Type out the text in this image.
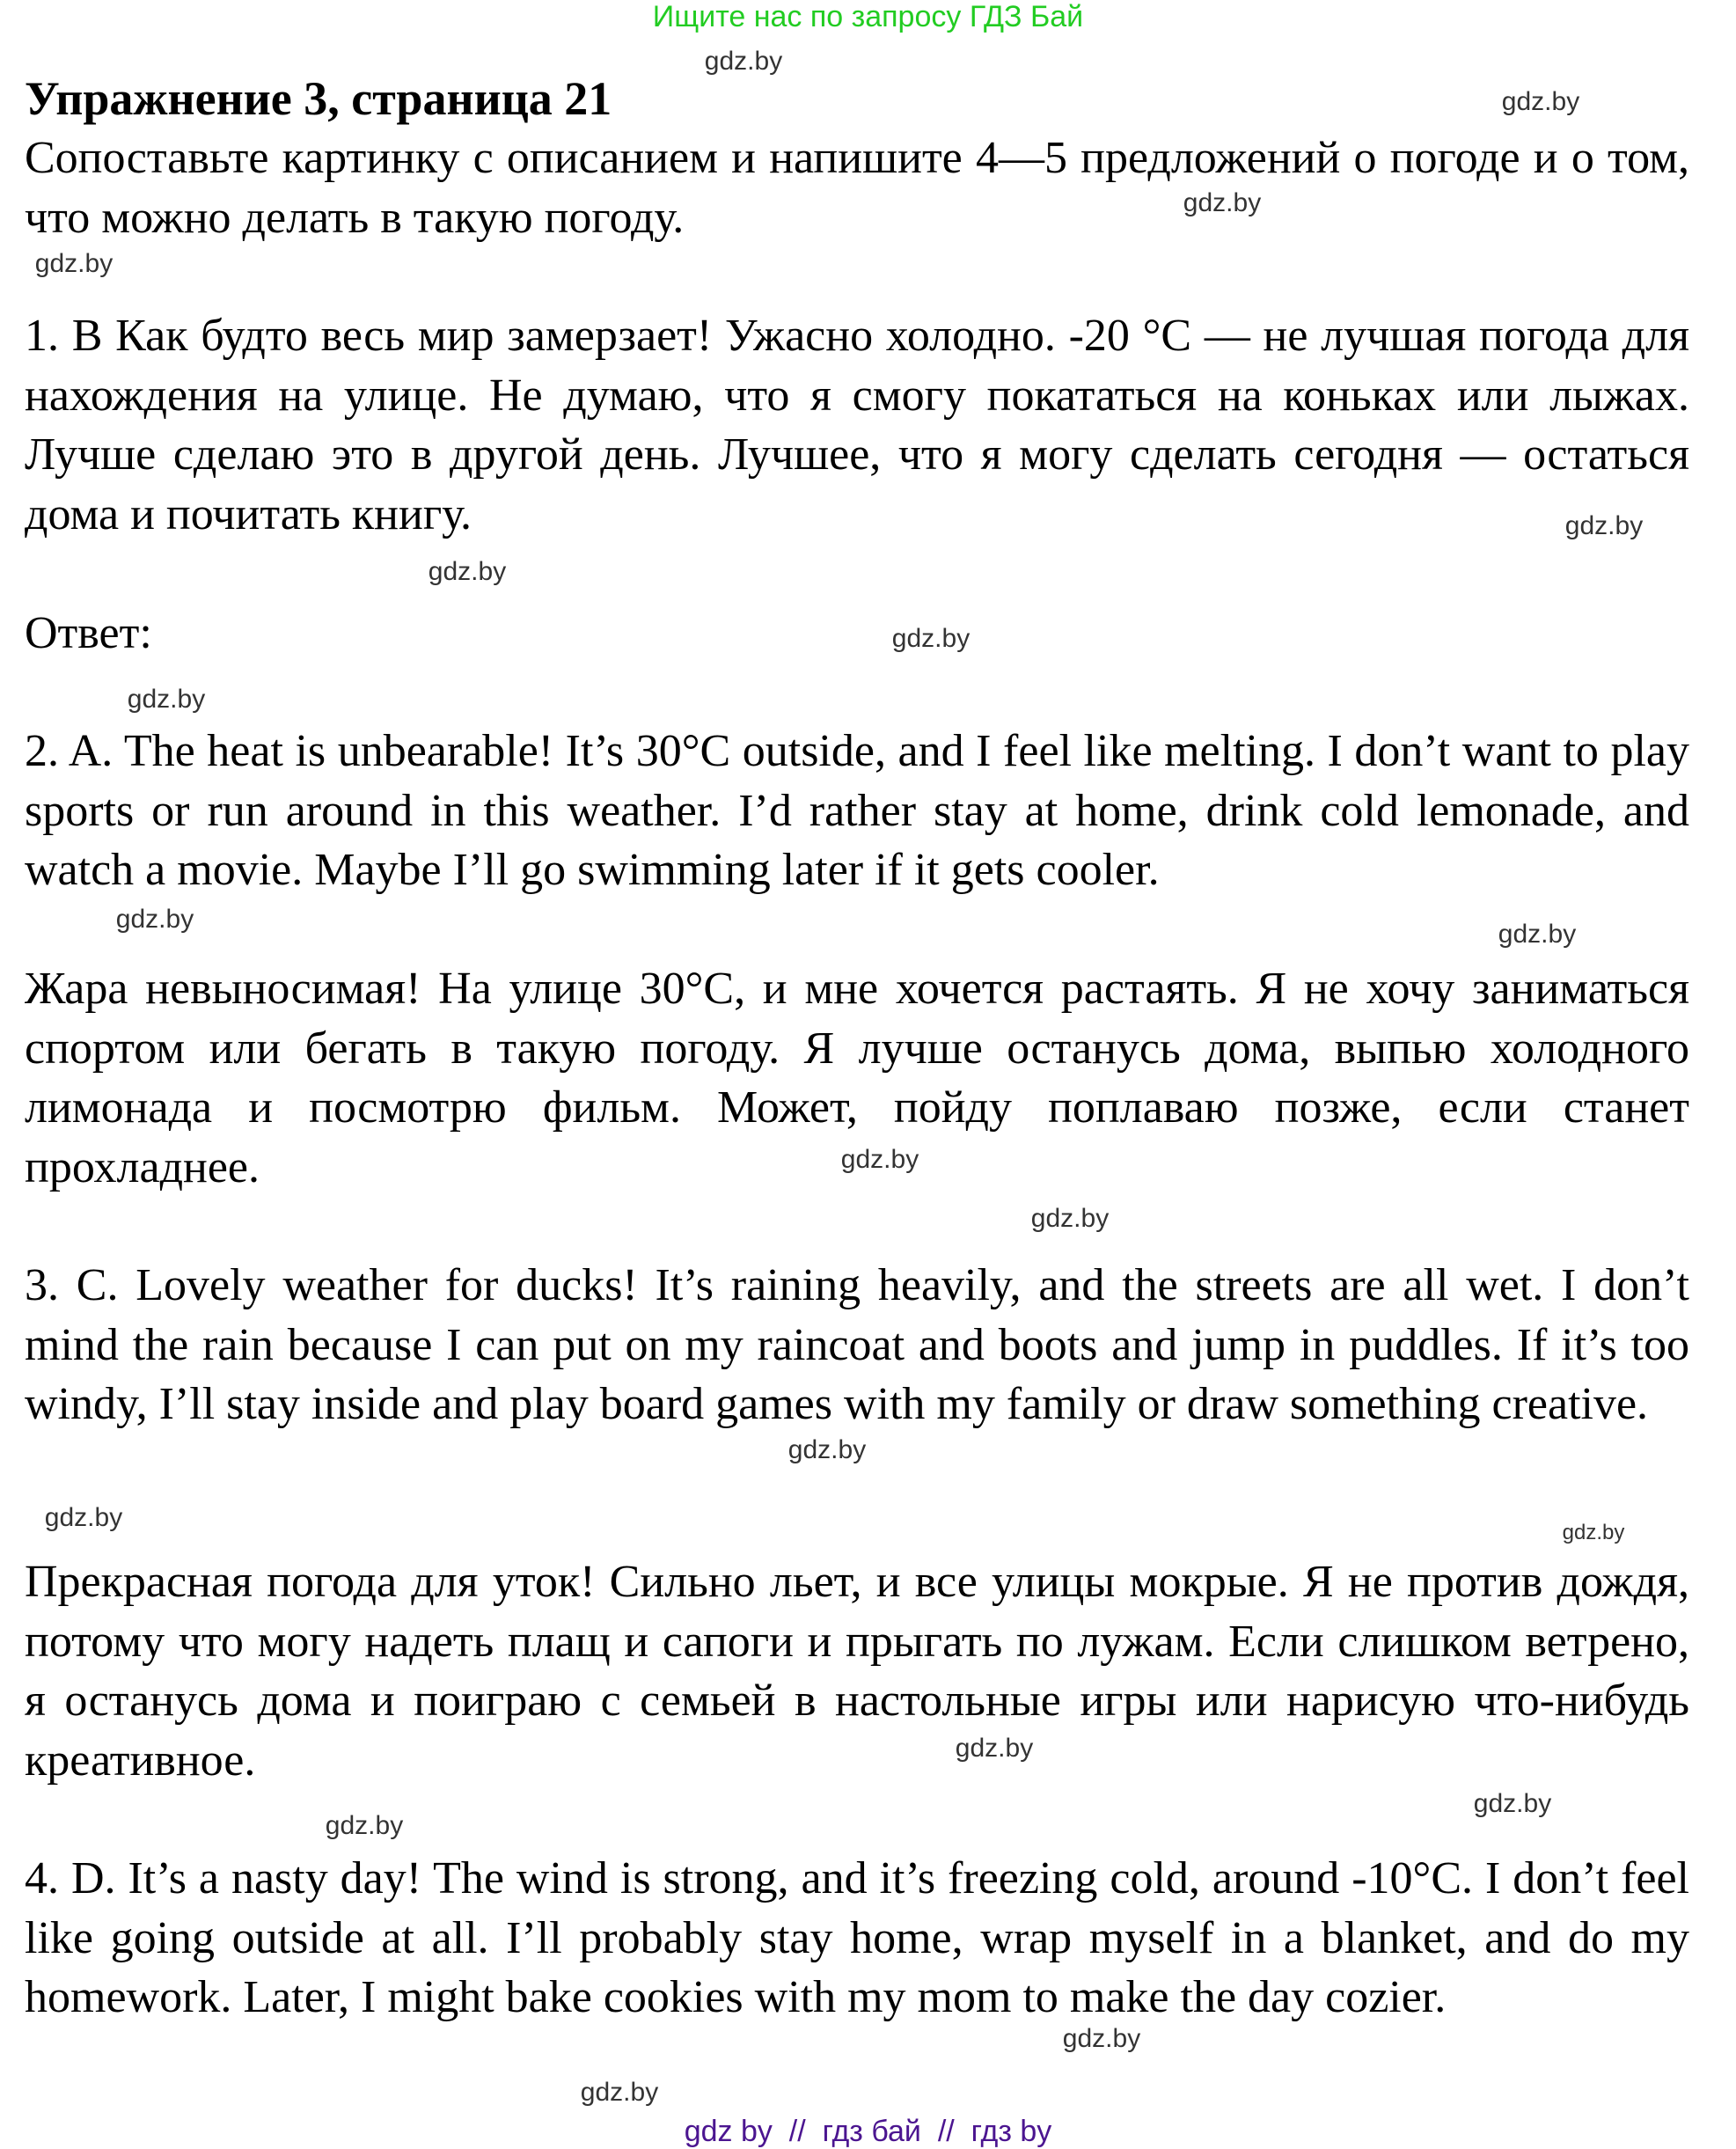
Ищите нас по запросу ГДЗ Бай
Упражнение 3, страница 21
Сопоставьте картинку с описанием и напишите 4—5 предложений о погоде и о том, что можно делать в такую погоду.
1. B Как будто весь мир замерзает! Ужасно холодно. -20 °C — не лучшая погода для нахождения на улице. Не думаю, что я смогу покататься на коньках или лыжах. Лучше сделаю это в другой день. Лучшее, что я могу сделать сегодня — остаться дома и почитать книгу.
Ответ:
2. A. The heat is unbearable! It’s 30°C outside, and I feel like melting. I don’t want to play sports or run around in this weather. I’d rather stay at home, drink cold lemonade, and watch a movie. Maybe I’ll go swimming later if it gets cooler.
Жара невыносимая! На улице 30°C, и мне хочется растаять. Я не хочу заниматься спортом или бегать в такую погоду. Я лучше останусь дома, выпью холодного лимонада и посмотрю фильм. Может, пойду поплаваю позже, если станет прохладнее.
3. C. Lovely weather for ducks! It’s raining heavily, and the streets are all wet. I don’t mind the rain because I can put on my raincoat and boots and jump in puddles. If it’s too windy, I’ll stay inside and play board games with my family or draw something creative.
Прекрасная погода для уток! Сильно льет, и все улицы мокрые. Я не против дождя, потому что могу надеть плащ и сапоги и прыгать по лужам. Если слишком ветрено, я останусь дома и поиграю с семьей в настольные игры или нарисую что-нибудь креативное.
4. D. It’s a nasty day! The wind is strong, and it’s freezing cold, around -10°C. I don’t feel like going outside at all. I’ll probably stay home, wrap myself in a blanket, and do my homework. Later, I might bake cookies with my mom to make the day cozier.
gdz.by
gdz.by
gdz.by
gdz.by
gdz.by
gdz.by
gdz.by
gdz.by
gdz.by
gdz.by
gdz.by
gdz.by
gdz.by
gdz.by
gdz.by
gdz.by
gdz.by
gdz.by
gdz.by
gdz.by
gdz by  //  гдз бай  //  гдз by
